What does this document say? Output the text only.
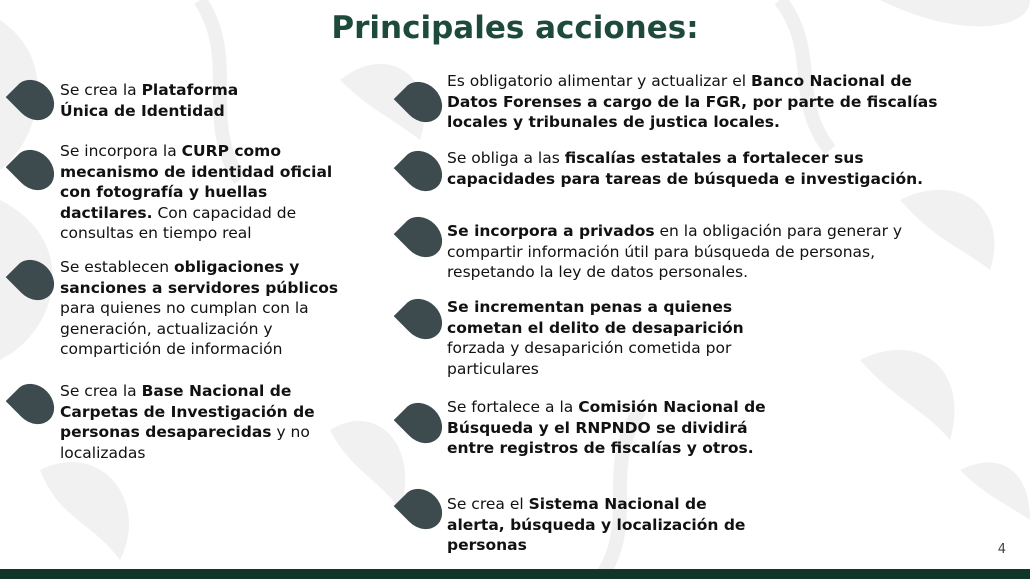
Principales acciones:
Se crea la Plataforma
Única de Identidad
Se incorpora la CURP como mecanismo de identidad oficial con fotografía y huellas dactilares. Con capacidad de consultas en tiempo real
Se establecen obligaciones y sanciones a servidores públicos para quienes no cumplan con la generación, actualización y compartición de información
Se crea la Base Nacional de Carpetas de Investigación de personas desaparecidas y no localizadas
Es obligatorio alimentar y actualizar el Banco Nacional de Datos Forenses a cargo de la FGR, por parte de fiscalías locales y tribunales de justica locales.
Se obliga a las fiscalías estatales a fortalecer sus capacidades para tareas de búsqueda e investigación.
Se incorpora a privados en la obligación para generar y compartir información útil para búsqueda de personas, respetando la ley de datos personales.
Se incrementan penas a quienes cometan el delito de desaparición forzada y desaparición cometida por particulares
Se fortalece a la Comisión Nacional de Búsqueda y el RNPNDO se dividirá entre registros de fiscalías y otros.
Se crea el Sistema Nacional de alerta, búsqueda y localización de personas	4
